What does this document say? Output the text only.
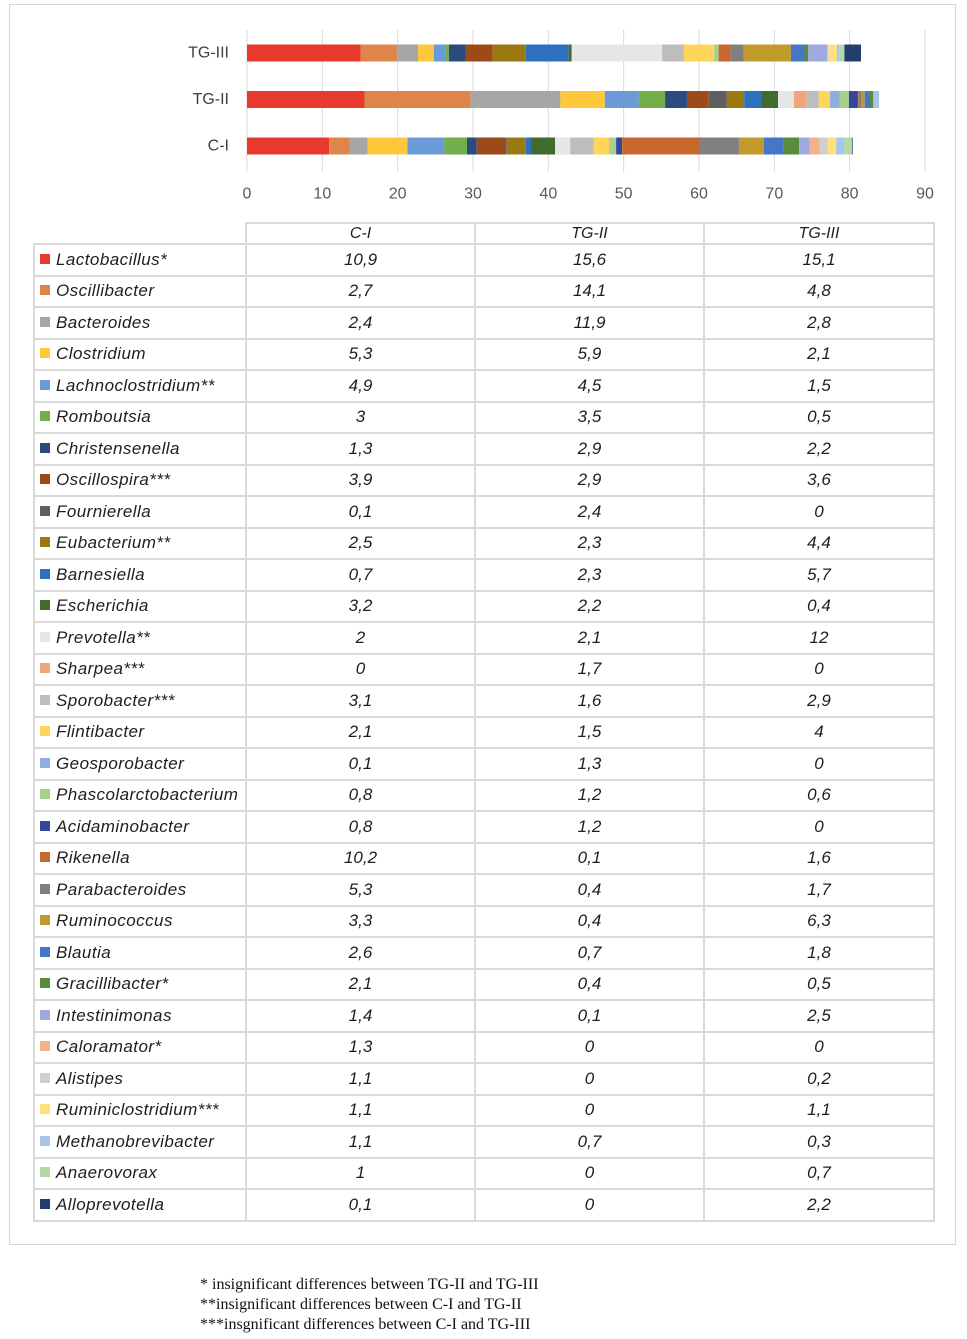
0	10	20	30	40	50	60	70	80	90
C-I
TG-II
TG-III
C-I	TG-II	TG-III
Lactobacillus*	10,9	15,6	15,1
Oscillibacter	2,7	14,1	4,8
Bacteroides	2,4	11,9	2,8
Clostridium	5,3	5,9	2,1
Lachnoclostridium**	4,9	4,5	1,5
Romboutsia	3	3,5	0,5
Christensenella	1,3	2,9	2,2
Oscillospira***	3,9	2,9	3,6
Fournierella	0,1	2,4	0
Eubacterium**	2,5	2,3	4,4
Barnesiella	0,7	2,3	5,7
Escherichia	3,2	2,2	0,4
Prevotella**	2	2,1	12
Sharpea***	0	1,7	0
Sporobacter***	3,1	1,6	2,9
Flintibacter	2,1	1,5	4
Geosporobacter	0,1	1,3	0
Phascolarctobacterium	0,8	1,2	0,6
Acidaminobacter	0,8	1,2	0
Rikenella	10,2	0,1	1,6
Parabacteroides	5,3	0,4	1,7
Ruminococcus	3,3	0,4	6,3
Blautia	2,6	0,7	1,8
Gracillibacter*	2,1	0,4	0,5
Intestinimonas	1,4	0,1	2,5
Caloramator*	1,3	0	0
Alistipes	1,1	0	0,2
Ruminiclostridium***	1,1	0	1,1
Methanobrevibacter	1,1	0,7	0,3
Anaerovorax	1	0	0,7
Alloprevotella	0,1	0	2,2
* insignificant differences between TG-II and TG-III
**insignificant differences between C-I and TG-II
***insgnificant differences between C-I and TG-III
